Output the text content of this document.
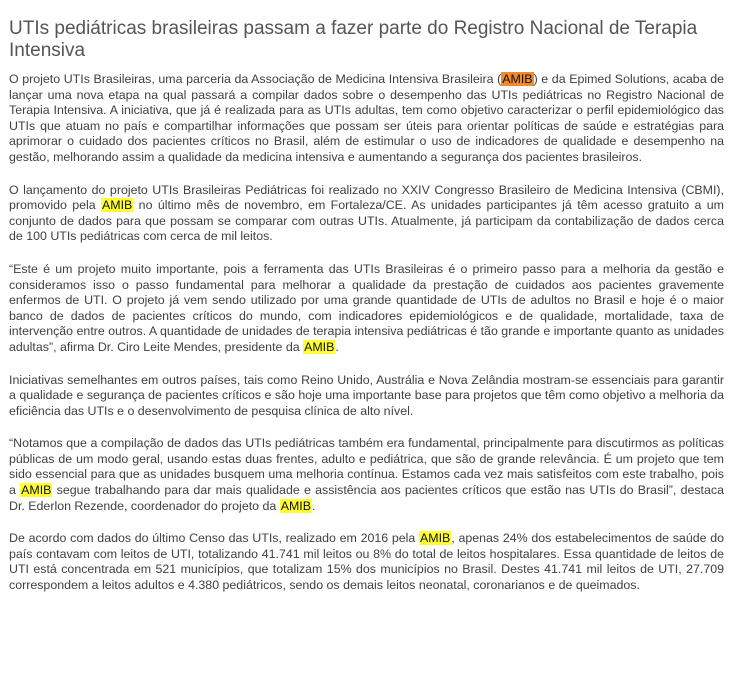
UTIs pediátricas brasileiras passam a fazer parte do Registro Nacional de Terapia Intensiva

O projeto UTIs Brasileiras, uma parceria da Associação de Medicina Intensiva Brasileira (AMIB) e da Epimed Solutions, acaba de lançar uma nova etapa na qual passará a compilar dados sobre o desempenho das UTIs pediátricas no Registro Nacional de Terapia Intensiva. A iniciativa, que já é realizada para as UTIs adultas, tem como objetivo caracterizar o perfil epidemiológico das UTIs que atuam no país e compartilhar informações que possam ser úteis para orientar políticas de saúde e estratégias para aprimorar o cuidado dos pacientes críticos no Brasil, além de estimular o uso de indicadores de qualidade e desempenho na gestão, melhorando assim a qualidade da medicina intensiva e aumentando a segurança dos pacientes brasileiros.

O lançamento do projeto UTIs Brasileiras Pediátricas foi realizado no XXIV Congresso Brasileiro de Medicina Intensiva (CBMI), promovido pela AMIB no último mês de novembro, em Fortaleza/CE. As unidades participantes já têm acesso gratuito a um conjunto de dados para que possam se comparar com outras UTIs. Atualmente, já participam da contabilização de dados cerca de 100 UTIs pediátricas com cerca de mil leitos.

“Este é um projeto muito importante, pois a ferramenta das UTIs Brasileiras é o primeiro passo para a melhoria da gestão e consideramos isso o passo fundamental para melhorar a qualidade da prestação de cuidados aos pacientes gravemente enfermos de UTI. O projeto já vem sendo utilizado por uma grande quantidade de UTIs de adultos no Brasil e hoje é o maior banco de dados de pacientes críticos do mundo, com indicadores epidemiológicos e de qualidade, mortalidade, taxa de intervenção entre outros. A quantidade de unidades de terapia intensiva pediátricas é tão grande e importante quanto as unidades adultas”, afirma Dr. Ciro Leite Mendes, presidente da AMIB.

Iniciativas semelhantes em outros países, tais como Reino Unido, Austrália e Nova Zelândia mostram-se essenciais para garantir a qualidade e segurança de pacientes críticos e são hoje uma importante base para projetos que têm como objetivo a melhoria da eficiência das UTIs e o desenvolvimento de pesquisa clínica de alto nível.

“Notamos que a compilação de dados das UTIs pediátricas também era fundamental, principalmente para discutirmos as políticas públicas de um modo geral, usando estas duas frentes, adulto e pediátrica, que são de grande relevância. É um projeto que tem sido essencial para que as unidades busquem uma melhoria contínua. Estamos cada vez mais satisfeitos com este trabalho, pois a AMIB segue trabalhando para dar mais qualidade e assistência aos pacientes críticos que estão nas UTIs do Brasil”, destaca Dr. Ederlon Rezende, coordenador do projeto da AMIB.

De acordo com dados do último Censo das UTIs, realizado em 2016 pela AMIB, apenas 24% dos estabelecimentos de saúde do país contavam com leitos de UTI, totalizando 41.741 mil leitos ou 8% do total de leitos hospitalares. Essa quantidade de leitos de UTI está concentrada em 521 municípios, que totalizam 15% dos municípios no Brasil. Destes 41.741 mil leitos de UTI, 27.709 correspondem a leitos adultos e 4.380 pediátricos, sendo os demais leitos neonatal, coronarianos e de queimados.
